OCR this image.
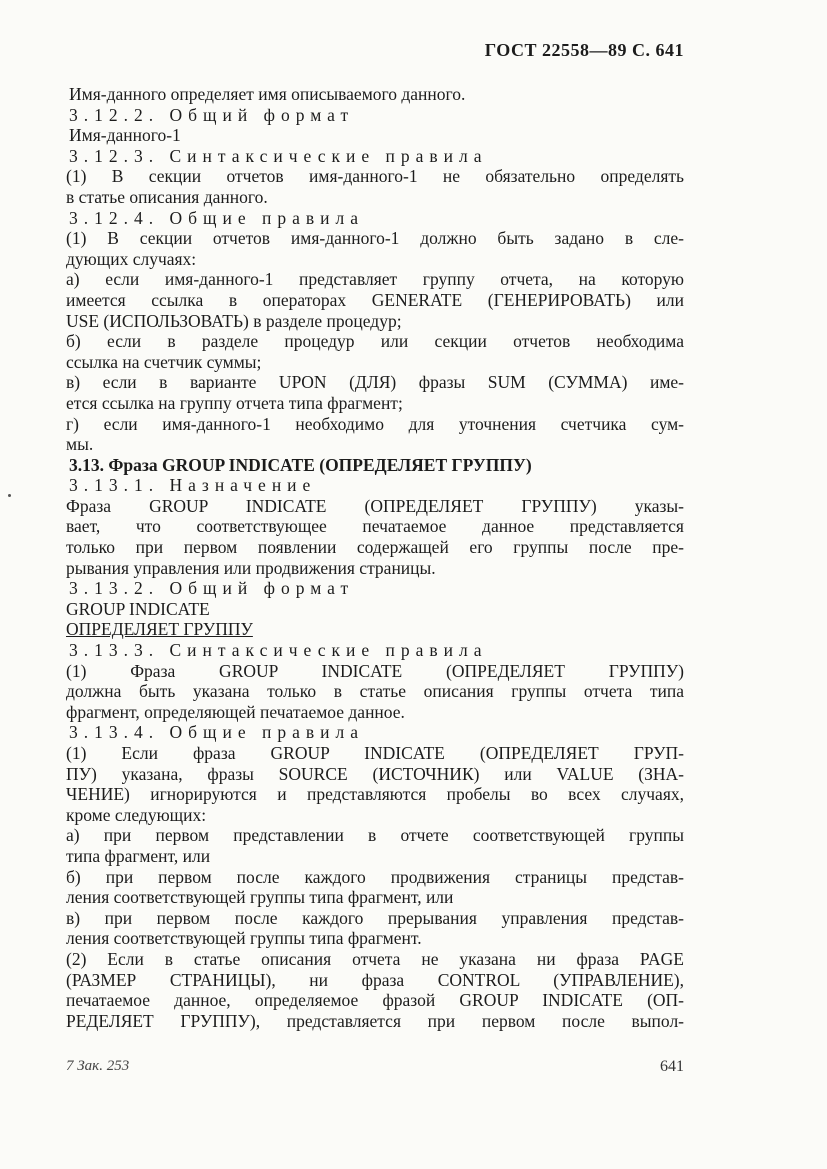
ГОСТ 22558—89 С. 641

Имя-данного определяет имя описываемого данного.

3.12.2. Общий формат

Имя-данного-1

3.12.3. Синтаксические правила

(1) В секции отчетов имя-данного-1 не обязательно определять

в статье описания данного.

3.12.4. Общие правила

(1) В секции отчетов имя-данного-1 должно быть задано в сле-

дующих случаях:

а) если имя-данного-1 представляет группу отчета, на которую

имеется ссылка в операторах GENERATE (ГЕНЕРИРОВАТЬ) или

USE (ИСПОЛЬЗОВАТЬ) в разделе процедур;

б) если в разделе процедур или секции отчетов необходима

ссылка на счетчик суммы;

в) если в варианте UPON (ДЛЯ) фразы SUM (СУММА) име-

ется ссылка на группу отчета типа фрагмент;

г) если имя-данного-1 необходимо для уточнения счетчика сум-

мы.

3.13. Фраза GROUP INDICATE (ОПРЕДЕЛЯЕТ ГРУППУ)

3.13.1. Назначение

Фраза GROUP INDICATE (ОПРЕДЕЛЯЕТ ГРУППУ) указы-

вает, что соответствующее печатаемое данное представляется

только при первом появлении содержащей его группы после пре-

рывания управления или продвижения страницы.

3.13.2. Общий формат

GROUP INDICATE

ОПРЕДЕЛЯЕТ ГРУППУ

3.13.3. Синтаксические правила

(1) Фраза GROUP INDICATE (ОПРЕДЕЛЯЕТ ГРУППУ)

должна быть указана только в статье описания группы отчета типа

фрагмент, определяющей печатаемое данное.

3.13.4. Общие правила

(1) Если фраза GROUP INDICATE (ОПРЕДЕЛЯЕТ ГРУП-

ПУ) указана, фразы SOURCE (ИСТОЧНИК) или VALUE (ЗНА-

ЧЕНИЕ) игнорируются и представляются пробелы во всех случаях,

кроме следующих:

а) при первом представлении в отчете соответствующей группы

типа фрагмент, или

б) при первом после каждого продвижения страницы представ-

ления соответствующей группы типа фрагмент, или

в) при первом после каждого прерывания управления представ-

ления соответствующей группы типа фрагмент.

(2) Если в статье описания отчета не указана ни фраза PAGE

(РАЗМЕР СТРАНИЦЫ), ни фраза CONTROL (УПРАВЛЕНИЕ),

печатаемое данное, определяемое фразой GROUP INDICATE (ОП-

РЕДЕЛЯЕТ ГРУППУ), представляется при первом после выпол-

7 Зак. 253	641
